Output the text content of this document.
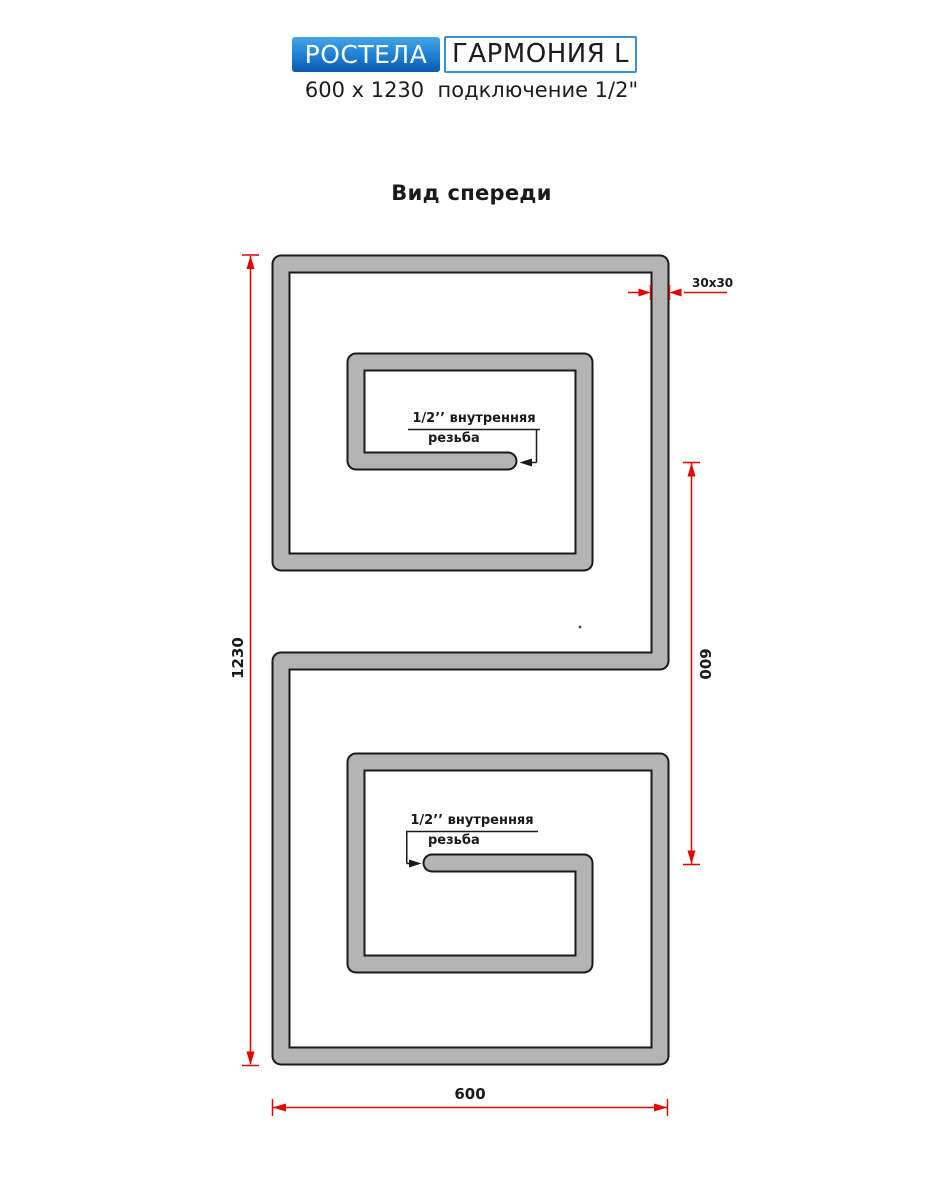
РОСТЕЛА ГАРМОНИЯ L
600 х 1230  подключение 1/2"
Вид спереди
1230	600
600
30x30
1/2’’ внутренняя
резьба
1/2’’ внутренняя
резьба
